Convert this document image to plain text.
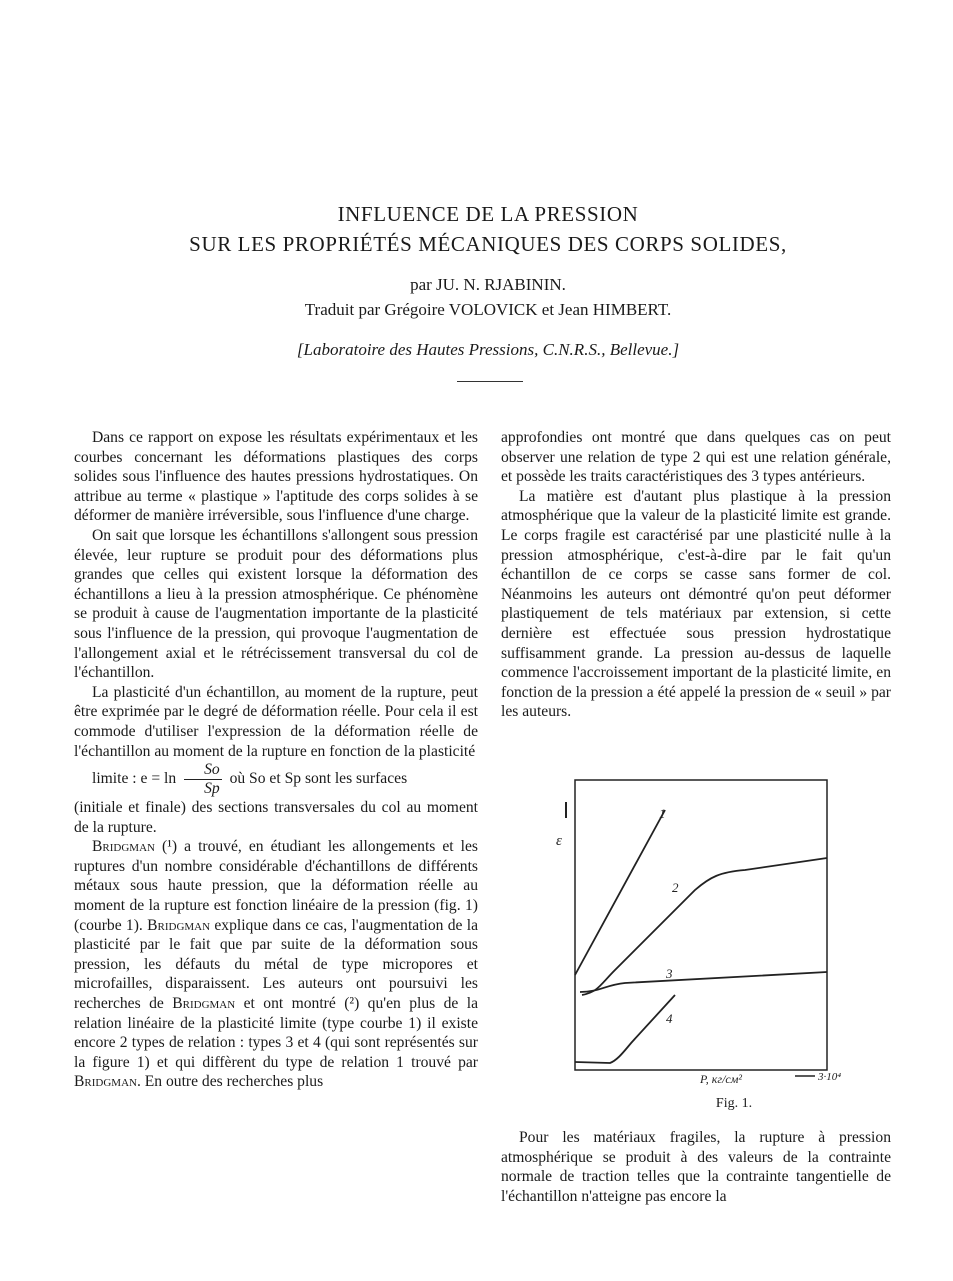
INFLUENCE DE LA PRESSION
SUR LES PROPRIÉTÉS MÉCANIQUES DES CORPS SOLIDES,
par JU. N. RJABININ.
Traduit par Grégoire VOLOVICK et Jean HIMBERT.
[Laboratoire des Hautes Pressions, C.N.R.S., Bellevue.]

Dans ce rapport on expose les résultats expérimentaux et les courbes concernant les déformations plastiques des corps solides sous l'influence des hautes pressions hydrostatiques. On attribue au terme « plastique » l'aptitude des corps solides à se déformer de manière irréversible, sous l'influence d'une charge.

On sait que lorsque les échantillons s'allongent sous pression élevée, leur rupture se produit pour des déformations plus grandes que celles qui existent lorsque la déformation des échantillons a lieu à la pression atmosphérique. Ce phénomène se produit à cause de l'augmentation importante de la plasticité sous l'influence de la pression, qui provoque l'augmentation de l'allongement axial et le rétrécissement transversal du col de l'échantillon.

La plasticité d'un échantillon, au moment de la rupture, peut être exprimée par le degré de déformation réelle. Pour cela il est commode d'utiliser l'expression de la déformation réelle de l'échantillon au moment de la rupture en fonction de la plasticité

limite : $e = \ln \frac{So}{Sp}$ où So et Sp sont les surfaces

(initiale et finale) des sections transversales du col au moment de la rupture.

Bridgman (¹) a trouvé, en étudiant les allongements et les ruptures d'un nombre considérable d'échantillons de différents métaux sous haute pression, que la déformation réelle au moment de la rupture est fonction linéaire de la pression (fig. 1) (courbe 1). Bridgman explique dans ce cas, l'augmentation de la plasticité par le fait que par suite de la déformation sous pression, les défauts du métal de type micropores et microfailles, disparaissent. Les auteurs ont poursuivi les recherches de Bridgman et ont montré (²) qu'en plus de la relation linéaire de la plasticité limite (type courbe 1) il existe encore 2 types de relation : types 3 et 4 (qui sont représentés sur la figure 1) et qui diffèrent du type de relation 1 trouvé par Bridgman. En outre des recherches plus

approfondies ont montré que dans quelques cas on peut observer une relation de type 2 qui est une relation générale, et possède les traits caractéristiques des 3 types antérieurs.

La matière est d'autant plus plastique à la pression atmosphérique que la valeur de la plasticité limite est grande. Le corps fragile est caractérisé par une plasticité nulle à la pression atmosphérique, c'est-à-dire par le fait qu'un échantillon de ce corps se casse sans former de col. Néanmoins les auteurs ont démontré qu'on peut déformer plastiquement de tels matériaux par extension, si cette dernière est effectuée sous pression hydrostatique suffisamment grande. La pression au-dessus de laquelle commence l'accroissement important de la plasticité limite, en fonction de la pression a été appelé la pression de « seuil » par les auteurs.

ε
1
2
3
4
P, кг/см²	3·10⁴
Fig. 1.

Pour les matériaux fragiles, la rupture à pression atmosphérique se produit à des valeurs de la contrainte normale de traction telles que la contrainte tangentielle de l'échantillon n'atteigne pas encore la
